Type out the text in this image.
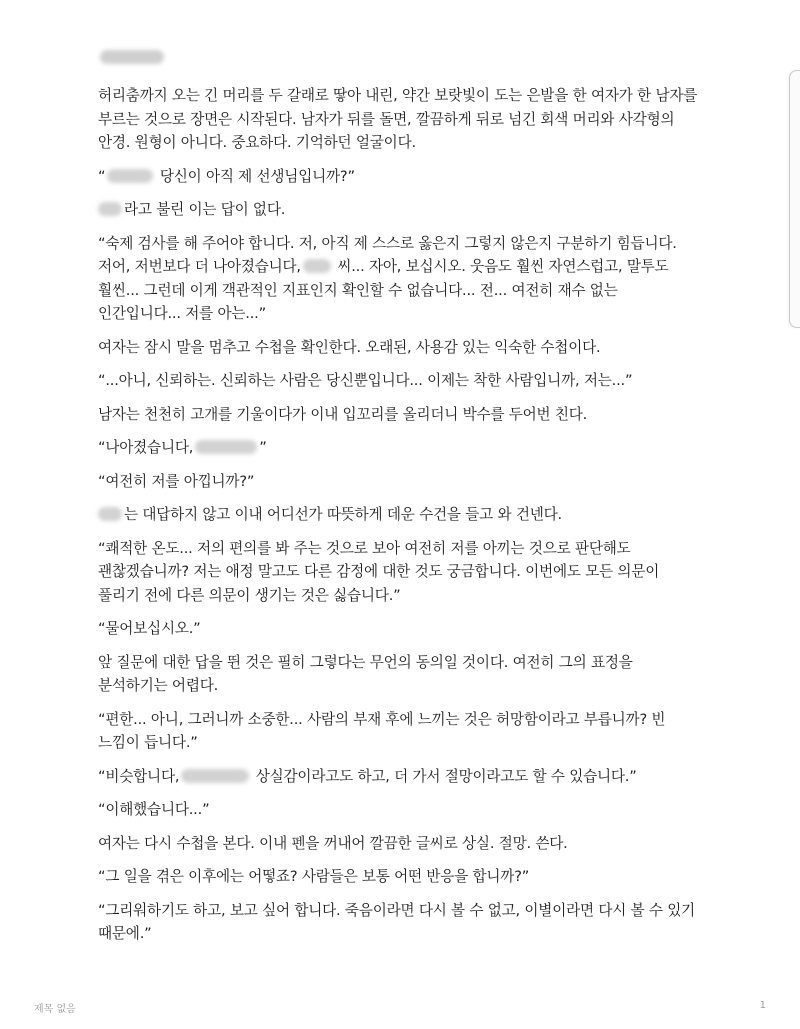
허리춤까지 오는 긴 머리를 두 갈래로 땋아 내린, 약간 보랏빛이 도는 은발을 한 여자가 한 남자를 부르는 것으로 장면은 시작된다. 남자가 뒤를 돌면, 깔끔하게 뒤로 넘긴 회색 머리와 사각형의 안경. 원형이 아니다. 중요하다. 기억하던 얼굴이다.

“	당신이 아직 제 선생님입니까?”

라고 불린 이는 답이 없다.

“숙제 검사를 해 주어야 합니다. 저, 아직 제 스스로 옳은지 그렇지 않은지 구분하기 힘듭니다. 저어, 저번보다 더 나아졌습니다, 씨... 자아, 보십시오. 웃음도 훨씬 자연스럽고, 말투도 훨씬... 그런데 이게 객관적인 지표인지 확인할 수 없습니다... 전... 여전히 재수 없는 인간입니다... 저를 아는...”

여자는 잠시 말을 멈추고 수첩을 확인한다. 오래된, 사용감 있는 익숙한 수첩이다.

“...아니, 신뢰하는. 신뢰하는 사람은 당신뿐입니다... 이제는 착한 사람입니까, 저는...”

남자는 천천히 고개를 기울이다가 이내 입꼬리를 올리더니 박수를 두어번 친다.

“나아졌습니다,	”

“여전히 저를 아낍니까?”

는 대답하지 않고 이내 어디선가 따뜻하게 데운 수건을 들고 와 건넨다.

“쾌적한 온도... 저의 편의를 봐 주는 것으로 보아 여전히 저를 아끼는 것으로 판단해도 괜찮겠습니까? 저는 애정 말고도 다른 감정에 대한 것도 궁금합니다. 이번에도 모든 의문이 풀리기 전에 다른 의문이 생기는 것은 싫습니다.”

“물어보십시오.”

앞 질문에 대한 답을 뛴 것은 필히 그렇다는 무언의 동의일 것이다. 여전히 그의 표정을 분석하기는 어렵다.

“편한... 아니, 그러니까 소중한... 사람의 부재 후에 느끼는 것은 허망함이라고 부릅니까? 빈 느낌이 듭니다.”

“비슷합니다,	상실감이라고도 하고, 더 가서 절망이라고도 할 수 있습니다.”

“이해했습니다...”

여자는 다시 수첩을 본다. 이내 펜을 꺼내어 깔끔한 글씨로 상실. 절망. 쓴다.

“그 일을 겪은 이후에는 어떻죠? 사람들은 보통 어떤 반응을 합니까?”

“그리워하기도 하고, 보고 싶어 합니다. 죽음이라면 다시 볼 수 없고, 이별이라면 다시 볼 수 있기 때문에.”

제목 없음	1
